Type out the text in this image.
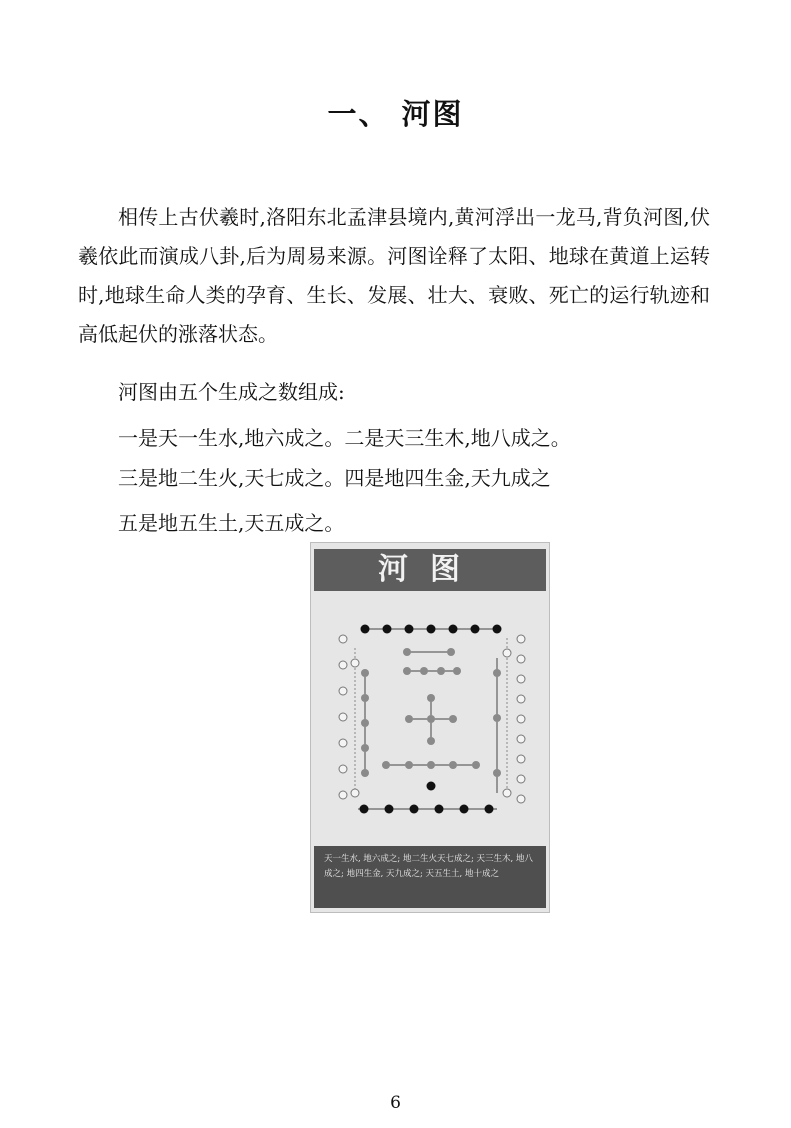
一、 河图

相传上古伏羲时,洛阳东北孟津县境内,黄河浮出一龙马,背负河图,伏羲依此而演成八卦,后为周易来源。河图诠释了太阳、地球在黄道上运转时,地球生命人类的孕育、生长、发展、壮大、衰败、死亡的运行轨迹和高低起伏的涨落状态。

河图由五个生成之数组成:

一是天一生水,地六成之。二是天三生木,地八成之。

三是地二生火,天七成之。四是地四生金,天九成之

五是地五生土,天五成之。

河图
天一生水, 地六成之; 地二生火天七成之; 天三生木, 地八成之; 地四生金, 天九成之; 天五生土, 地十成之
6
